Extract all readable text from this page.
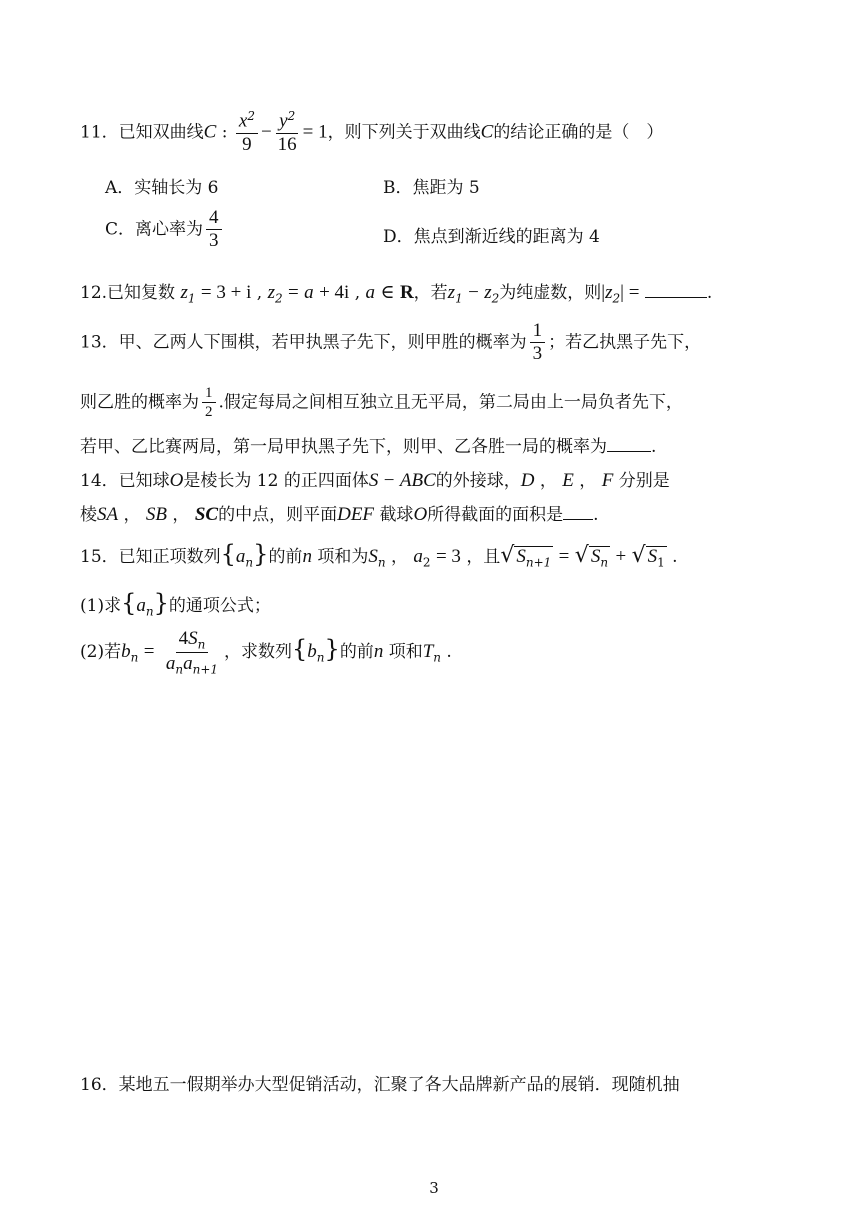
11．已知双曲线C : $\frac{x^2}{9} - \frac{y^2}{16} = 1$，则下列关于双曲线C的结论正确的是（　）
A．实轴长为 6	B．焦距为 5
C．离心率为 $\frac{4}{3}$	D．焦点到渐近线的距离为 4
12.已知复数 $z_1 = 3 + i$ , $z_2 = a + 4i$ , a ∈ R，若$z_1 - z_2$为纯虚数，则$|z_2|$ =	.
13．甲、乙两人下围棋，若甲执黑子先下，则甲胜的概率为 $\frac{1}{3}$ ；若乙执黑子先下，
则乙胜的概率为 $\frac{1}{2}$ .假定每局之间相互独立且无平局，第二局由上一局负者先下，
若甲、乙比赛两局，第一局甲执黑子先下，则甲、乙各胜一局的概率为	.
14．已知球O是棱长为 12 的正四面体S − ABC的外接球，D ， E ， F 分别是
棱SA ， SB ， SC的中点，则平面DEF 截球O所得截面的面积是 .
15．已知正项数列$\{a_n\}$的前n 项和为$S_n$ ， $a_2 = 3$ ，且√ $S_{n+1}$ = √ $S_n$ + √ $S_1$ .
(1)求$\{a_n\}$的通项公式；
(2)若$b_n = \frac{4S_n}{a_na_{n+1}}$ ，求数列$\{b_n\}$的前n 项和$T_n$ .
16．某地五一假期举办大型促销活动，汇聚了各大品牌新产品的展销．现随机抽
3
